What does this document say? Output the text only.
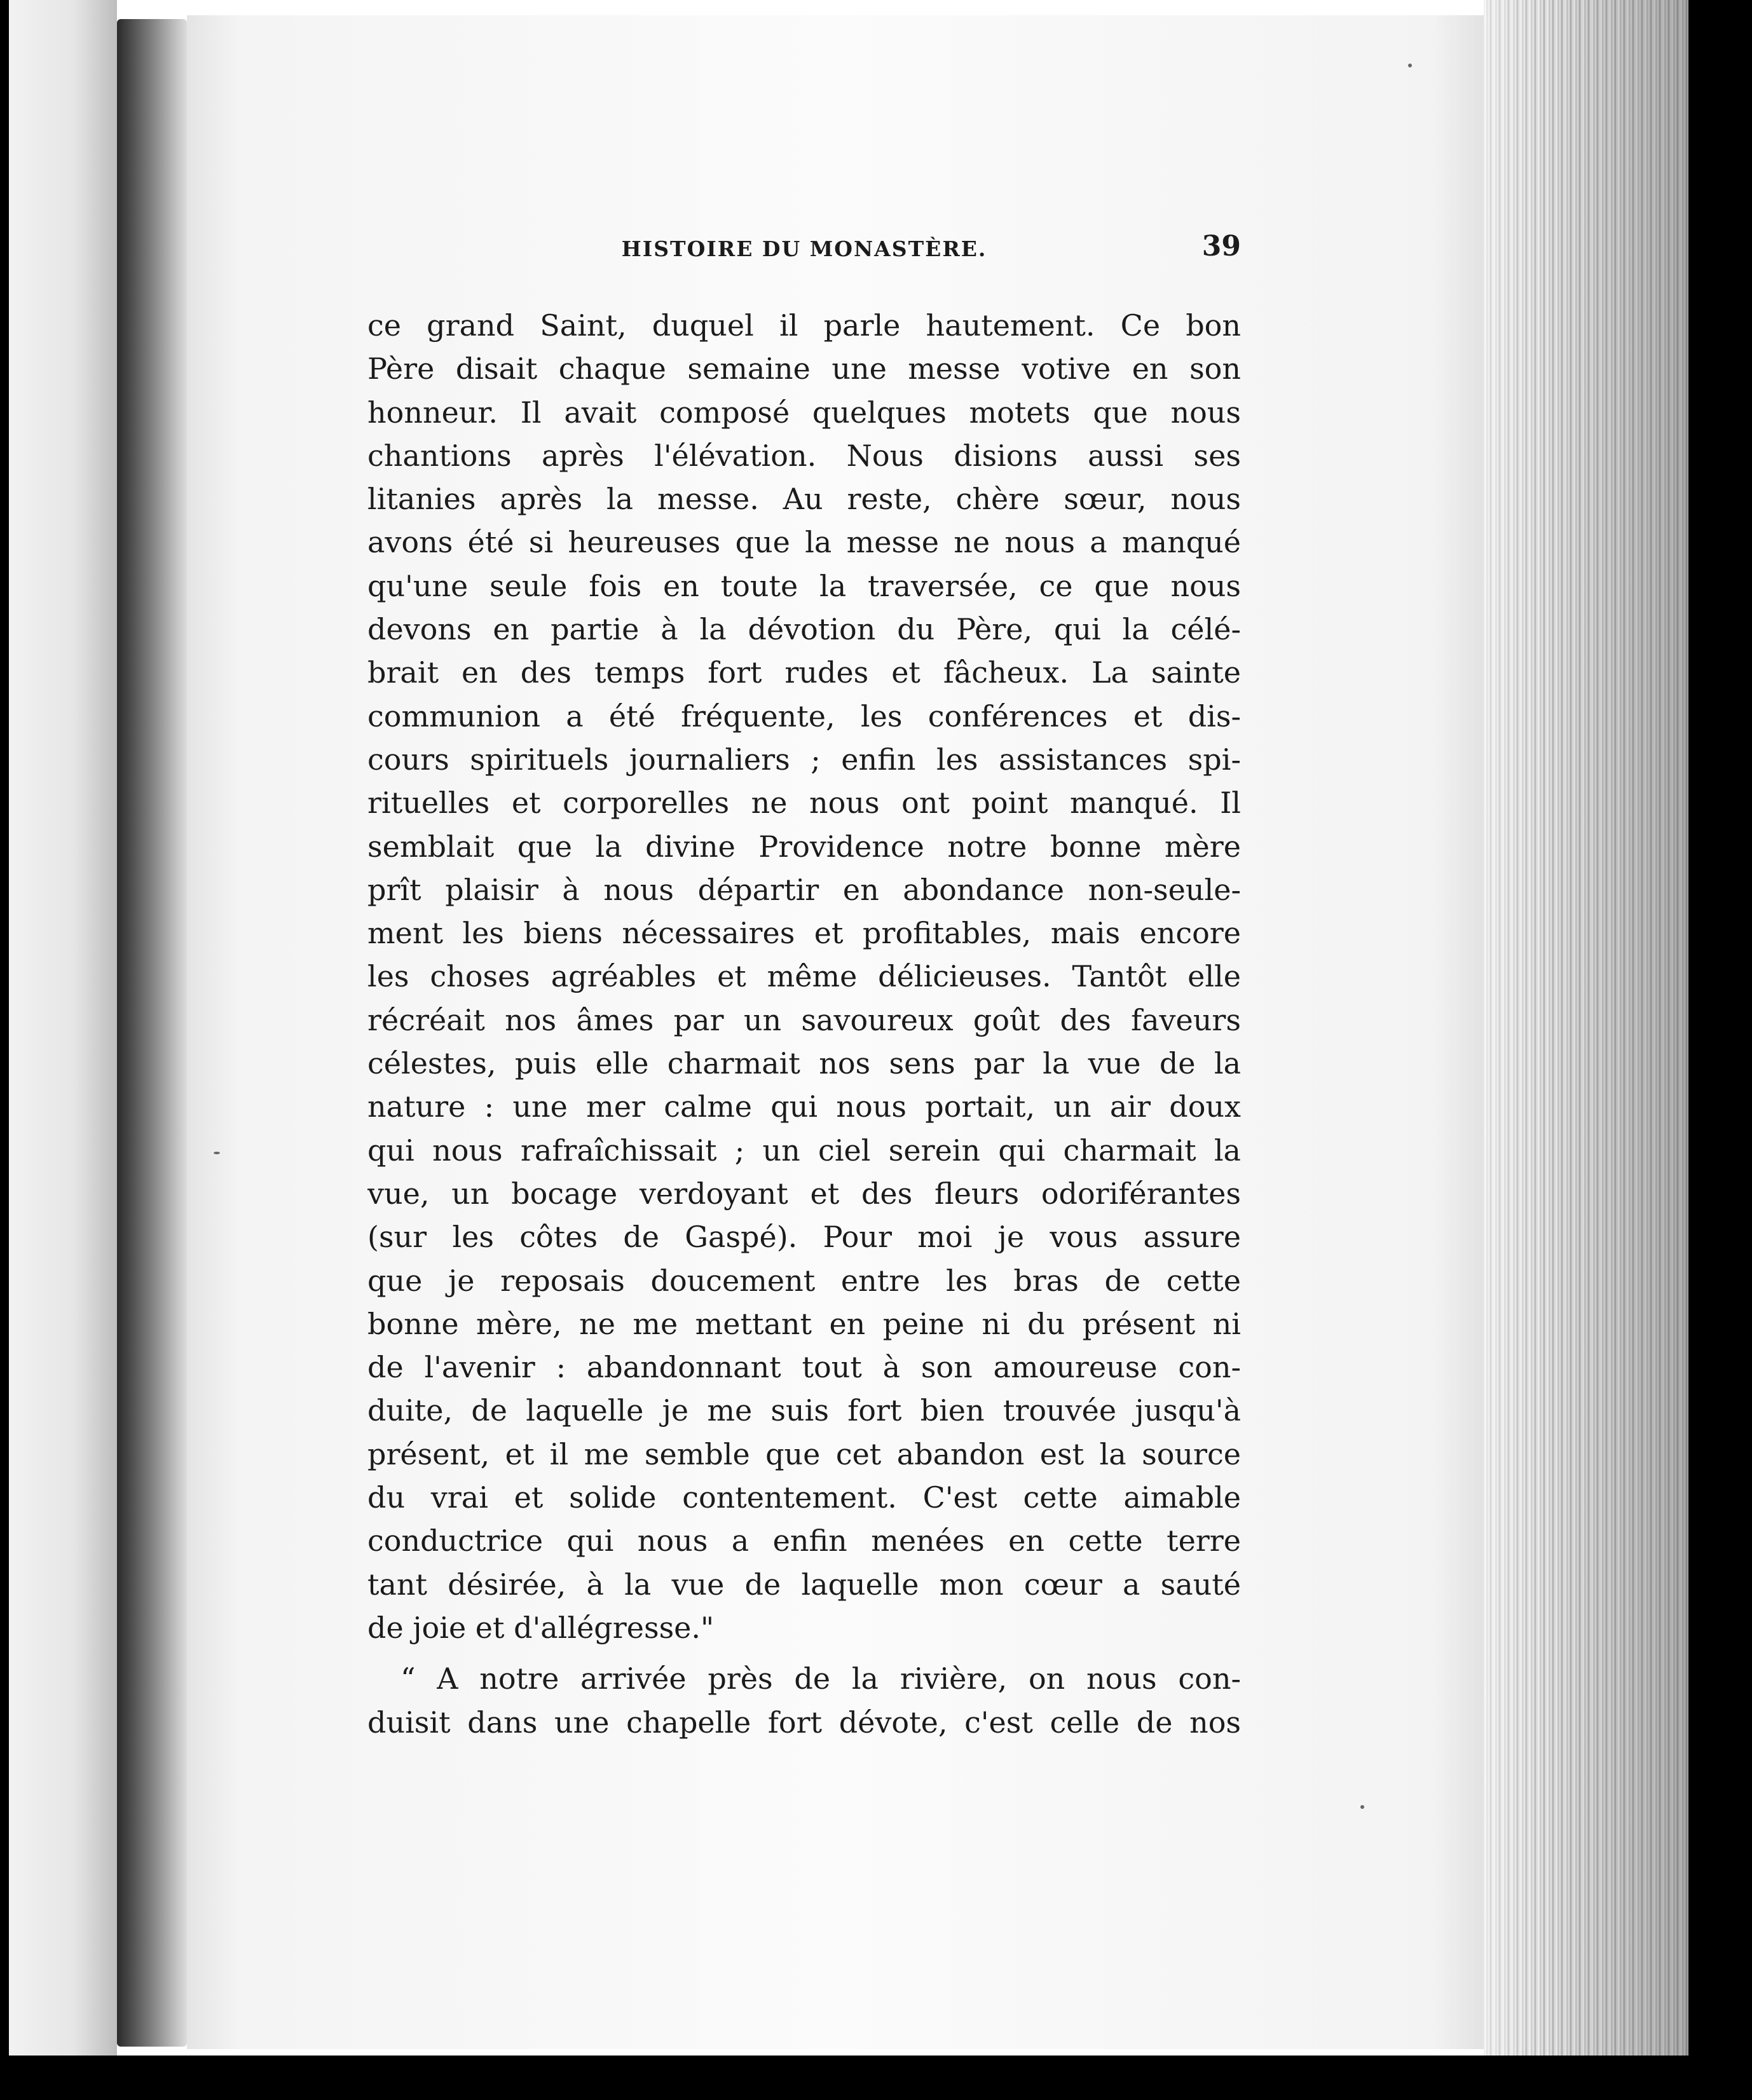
HISTOIRE DU MONASTÈRE.	39
ce grand Saint, duquel il parle hautement. Ce bon
Père disait chaque semaine une messe votive en son
honneur. Il avait composé quelques motets que nous
chantions après l'élévation. Nous disions aussi ses
litanies après la messe. Au reste, chère sœur, nous
avons été si heureuses que la messe ne nous a manqué
qu'une seule fois en toute la traversée, ce que nous
devons en partie à la dévotion du Père, qui la célé-
brait en des temps fort rudes et fâcheux. La sainte
communion a été fréquente, les conférences et dis-
cours spirituels journaliers ; enfin les assistances spi-
rituelles et corporelles ne nous ont point manqué. Il
semblait que la divine Providence notre bonne mère
prît plaisir à nous départir en abondance non-seule-
ment les biens nécessaires et profitables, mais encore
les choses agréables et même délicieuses. Tantôt elle
récréait nos âmes par un savoureux goût des faveurs
célestes, puis elle charmait nos sens par la vue de la
nature : une mer calme qui nous portait, un air doux
qui nous rafraîchissait ; un ciel serein qui charmait la
vue, un bocage verdoyant et des fleurs odoriférantes
(sur les côtes de Gaspé). Pour moi je vous assure
que je reposais doucement entre les bras de cette
bonne mère, ne me mettant en peine ni du présent ni
de l'avenir : abandonnant tout à son amoureuse con-
duite, de laquelle je me suis fort bien trouvée jusqu'à
présent, et il me semble que cet abandon est la source
du vrai et solide contentement. C'est cette aimable
conductrice qui nous a enfin menées en cette terre
tant désirée, à la vue de laquelle mon cœur a sauté
de joie et d'allégresse."
“ A notre arrivée près de la rivière, on nous con-
duisit dans une chapelle fort dévote, c'est celle de nos
